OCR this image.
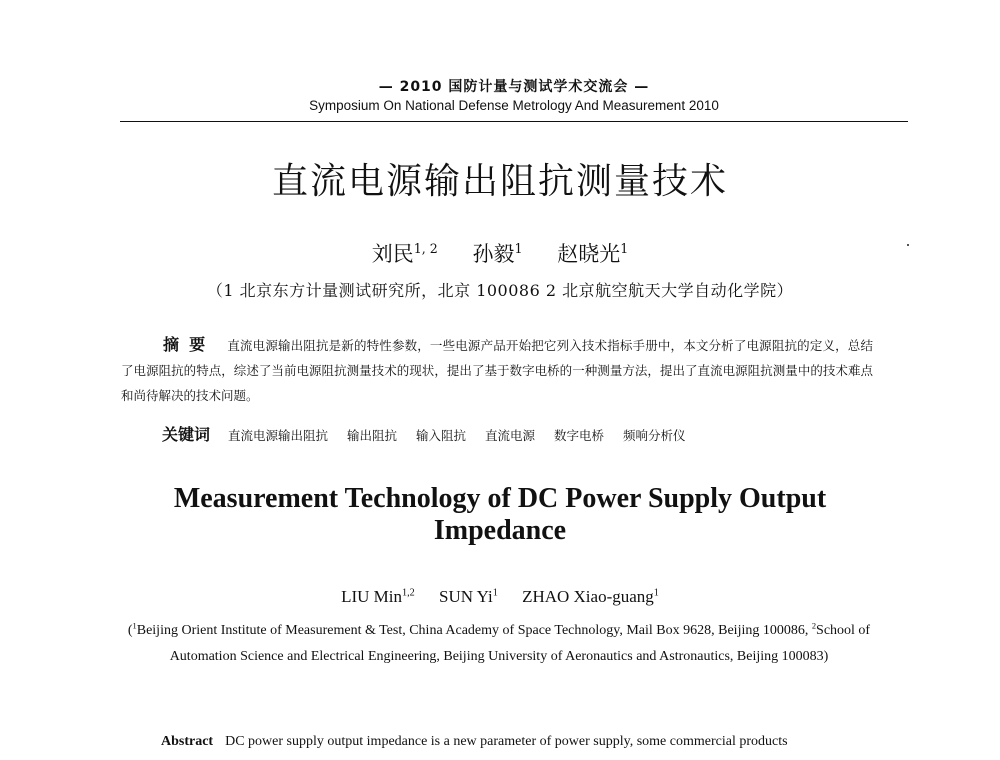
— 2010 国防计量与测试学术交流会 —
Symposium On National Defense Metrology And Measurement 2010
直流电源输出阻抗测量技术
刘民$^{1, 2}$ 孙毅$^1$ 赵晓光$^1$
（1 北京东方计量测试研究所，北京 100086 2 北京航空航天大学自动化学院）
摘要 直流电源输出阻抗是新的特性参数，一些电源产品开始把它列入技术指标手册中，本文分析了电源阻抗的定义，总结了电源阻抗的特点，综述了当前电源阻抗测量技术的现状，提出了基于数字电桥的一种测量方法，提出了直流电源阻抗测量中的技术难点和尚待解决的技术问题。
关键词 直流电源输出阻抗 输出阻抗 输入阻抗 直流电源 数字电桥 频响分析仪
Measurement Technology of DC Power Supply Output
Impedance
LIU Min$^{1,2}$ SUN Yi$^1$ ZHAO Xiao-guang$^1$
($^1$Beijing Orient Institute of Measurement & Test, China Academy of Space Technology, Mail Box 9628, Beijing 100086, $^2$School of Automation Science and Electrical Engineering, Beijing University of Aeronautics and Astronautics, Beijing 100083)
Abstract DC power supply output impedance is a new parameter of power supply, some commercial products
